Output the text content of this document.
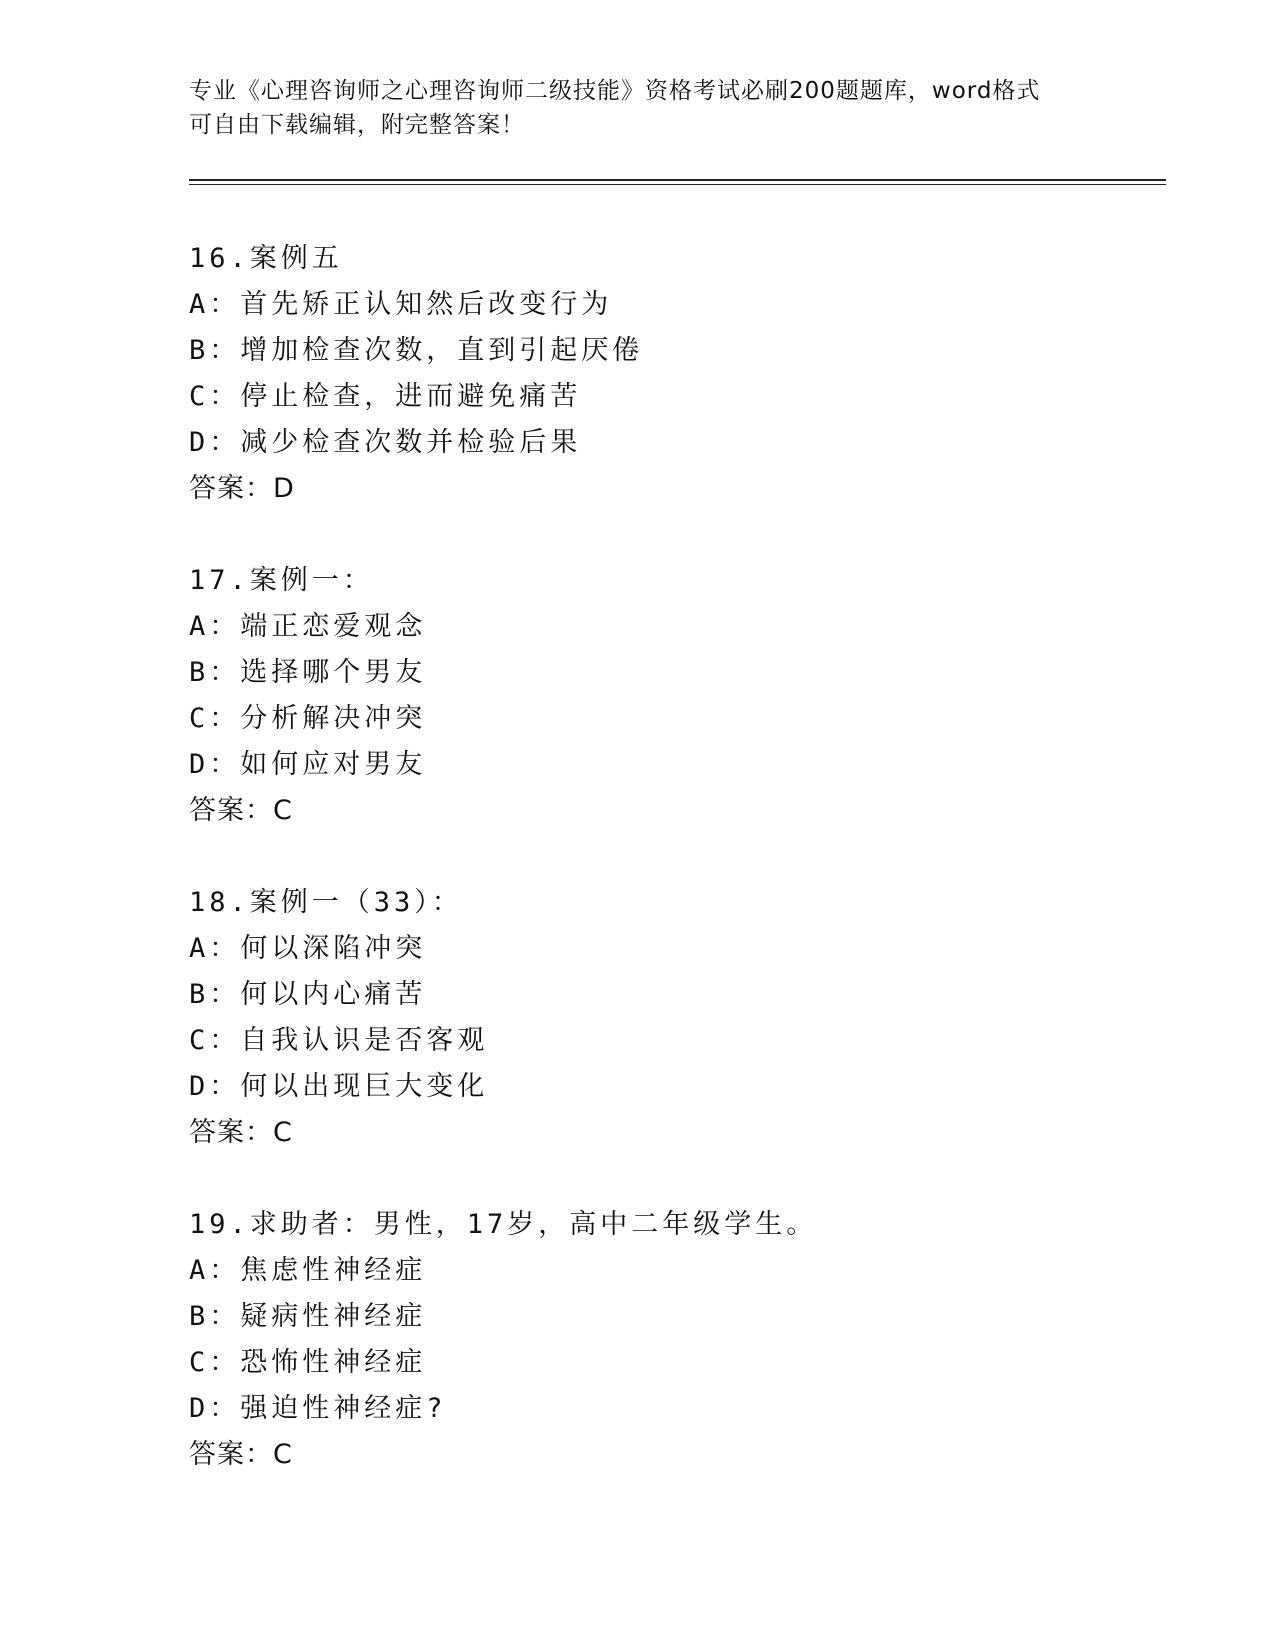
专业《心理咨询师之心理咨询师二级技能》资格考试必刷200题题库，word格式

可自由下载编辑，附完整答案！

16.案例五
A：首先矫正认知然后改变行为
B：增加检查次数，直到引起厌倦
C：停止检查，进而避免痛苦
D：减少检查次数并检验后果
答案：D
17.案例一：
A：端正恋爱观念
B：选择哪个男友
C：分析解决冲突
D：如何应对男友
答案：C
18.案例一（33）：
A：何以深陷冲突
B：何以内心痛苦
C：自我认识是否客观
D：何以出现巨大变化
答案：C
19.求助者：男性，17岁，高中二年级学生。
A：焦虑性神经症
B：疑病性神经症
C：恐怖性神经症
D：强迫性神经症?
答案：C
